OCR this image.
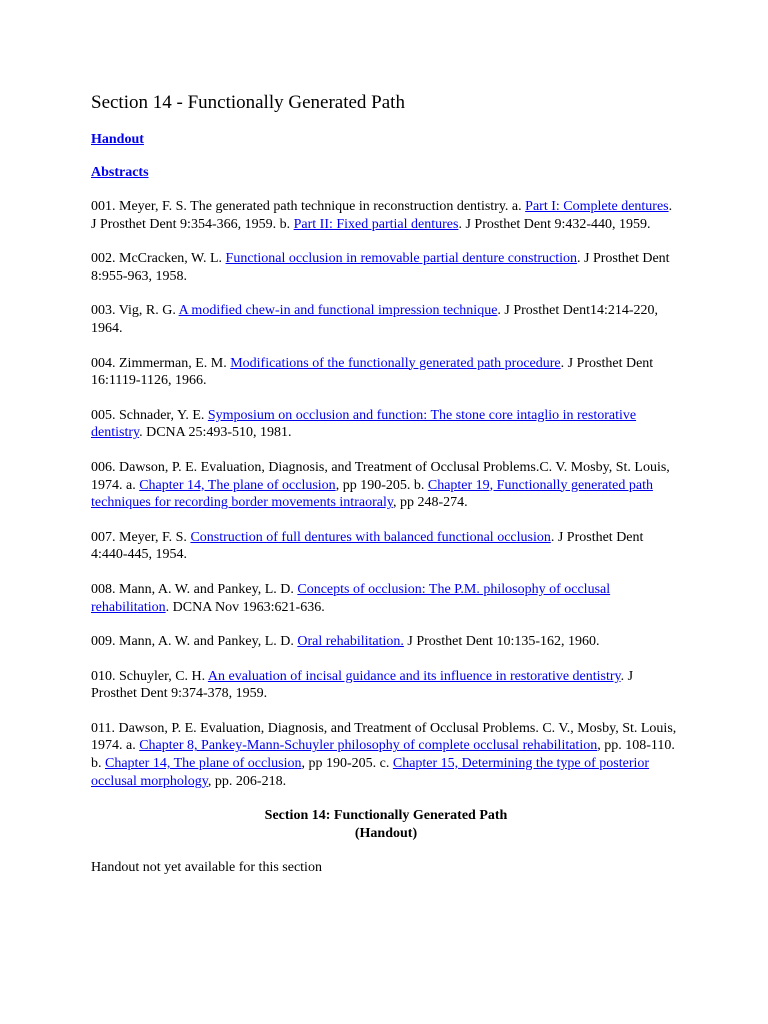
Section 14 - Functionally Generated Path
Handout
Abstracts
001. Meyer, F. S. The generated path technique in reconstruction dentistry. a. Part I: Complete dentures. J Prosthet Dent 9:354-366, 1959. b. Part II: Fixed partial dentures. J Prosthet Dent 9:432-440, 1959.
002. McCracken, W. L. Functional occlusion in removable partial denture construction. J Prosthet Dent 8:955-963, 1958.
003. Vig, R. G. A modified chew-in and functional impression technique. J Prosthet Dent14:214-220, 1964.
004. Zimmerman, E. M. Modifications of the functionally generated path procedure. J Prosthet Dent 16:1119-1126, 1966.
005. Schnader, Y. E. Symposium on occlusion and function: The stone core intaglio in restorative dentistry. DCNA 25:493-510, 1981.
006. Dawson, P. E. Evaluation, Diagnosis, and Treatment of Occlusal Problems.C. V. Mosby, St. Louis, 1974. a. Chapter 14, The plane of occlusion, pp 190-205. b. Chapter 19, Functionally generated path techniques for recording border movements intraoraly, pp 248-274.
007. Meyer, F. S. Construction of full dentures with balanced functional occlusion. J Prosthet Dent 4:440-445, 1954.
008. Mann, A. W. and Pankey, L. D. Concepts of occlusion: The P.M. philosophy of occlusal rehabilitation. DCNA Nov 1963:621-636.
009. Mann, A. W. and Pankey, L. D. Oral rehabilitation. J Prosthet Dent 10:135-162, 1960.
010. Schuyler, C. H. An evaluation of incisal guidance and its influence in restorative dentistry. J Prosthet Dent 9:374-378, 1959.
011. Dawson, P. E. Evaluation, Diagnosis, and Treatment of Occlusal Problems. C. V., Mosby, St. Louis, 1974. a. Chapter 8, Pankey-Mann-Schuyler philosophy of complete occlusal rehabilitation, pp. 108-110. b. Chapter 14, The plane of occlusion, pp 190-205. c. Chapter 15, Determining the type of posterior occlusal morphology, pp. 206-218.
Section 14: Functionally Generated Path
(Handout)

Handout not yet available for this section
